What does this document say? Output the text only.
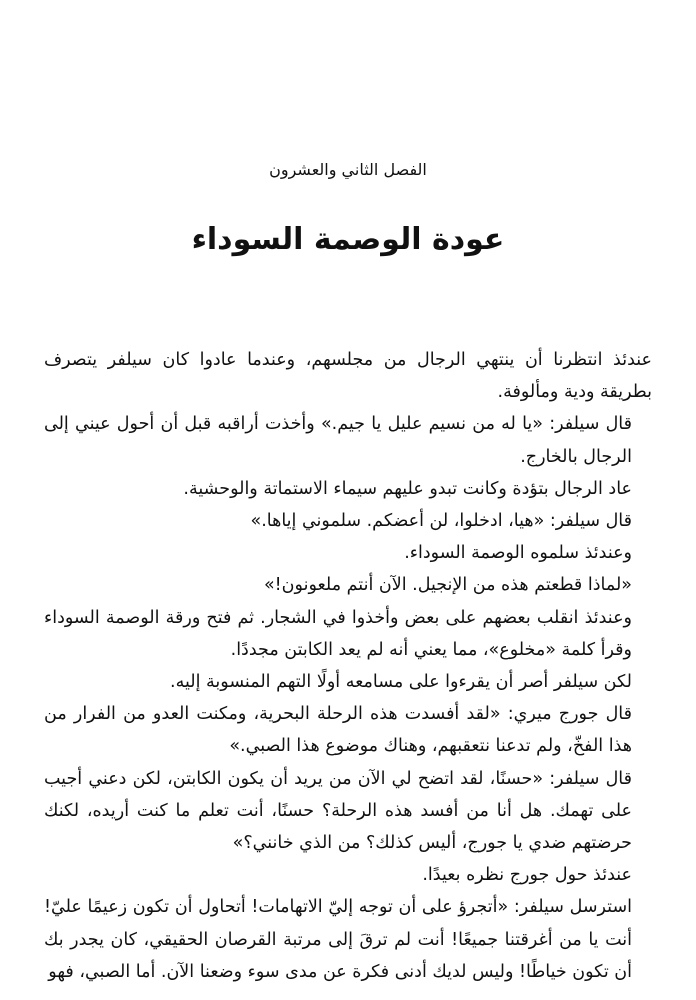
الفصل الثاني والعشرون
عودة الوصمة السوداء

عندئذ انتظرنا أن ينتهي الرجال من مجلسهم، وعندما عادوا كان سيلفر يتصرف بطريقة ودية ومألوفة.

قال سيلفر: «يا له من نسيم عليل يا جيم.» وأخذت أراقبه قبل أن أحول عيني إلى الرجال بالخارج.

عاد الرجال بتؤدة وكانت تبدو عليهم سيماء الاستماتة والوحشية.

قال سيلفر: «هيا، ادخلوا، لن أعضكم. سلموني إياها.»

وعندئذ سلموه الوصمة السوداء.

«لماذا قطعتم هذه من الإنجيل. الآن أنتم ملعونون!»

وعندئذ انقلب بعضهم على بعض وأخذوا في الشجار. ثم فتح ورقة الوصمة السوداء وقرأ كلمة «مخلوع»، مما يعني أنه لم يعد الكابتن مجددًا.

لكن سيلفر أصر أن يقرءوا على مسامعه أولًا التهم المنسوبة إليه.

قال جورج ميري: «لقد أفسدت هذه الرحلة البحرية، ومكنت العدو من الفرار من هذا الفخّ، ولم تدعنا نتعقبهم، وهناك موضوع هذا الصبي.»

قال سيلفر: «حسنًا، لقد اتضح لي الآن من يريد أن يكون الكابتن، لكن دعني أجيب على تهمك. هل أنا من أفسد هذه الرحلة؟ حسنًا، أنت تعلم ما كنت أريده، لكنك حرضتهم ضدي يا جورج، أليس كذلك؟ من الذي خانني؟»

عندئذ حول جورج نظره بعيدًا.

استرسل سيلفر: «أتجرؤ على أن توجه إليّ الاتهامات! أتحاول أن تكون زعيمًا عليّ! أنت يا من أغرقتنا جميعًا! أنت لم ترقَ إلى مرتبة القرصان الحقيقي، كان يجدر بك أن تكون خياطًا! وليس لديك أدنى فكرة عن مدى سوء وضعنا الآن. أما الصبي، فهو
